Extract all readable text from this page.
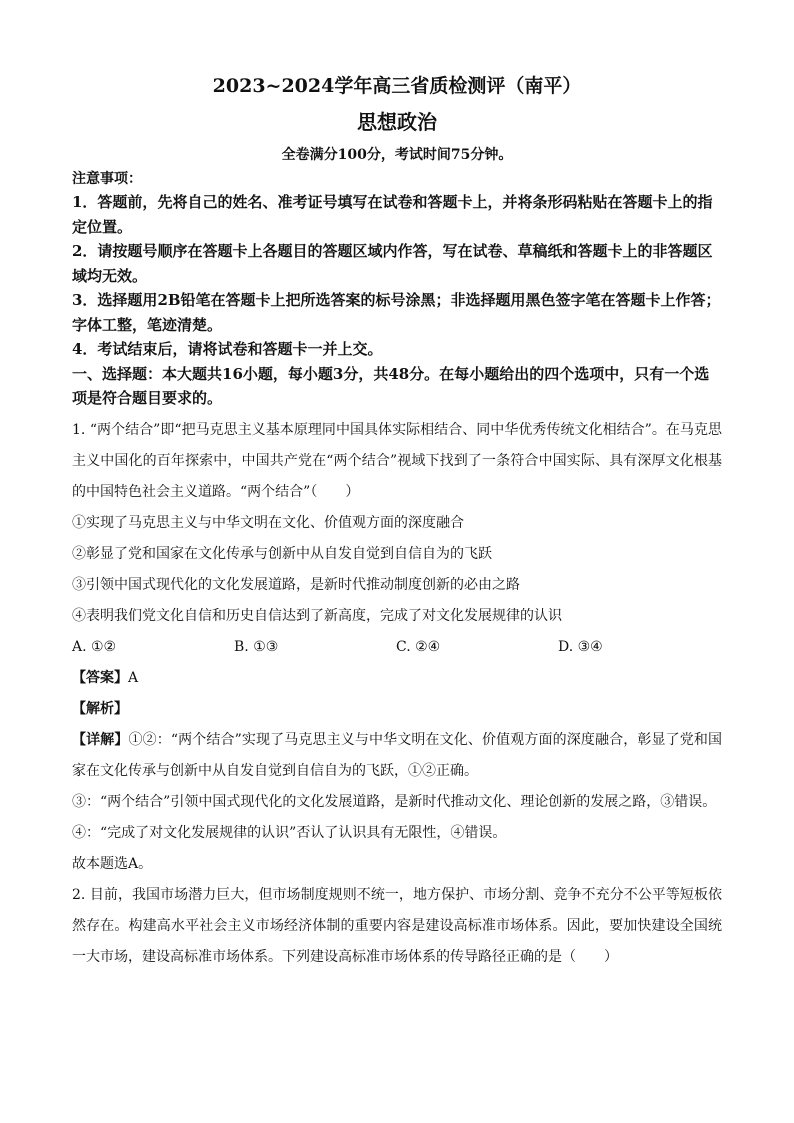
2023~2024学年高三省质检测评（南平）
思想政治

全卷满分100分，考试时间75分钟。

注意事项：

1．答题前，先将自己的姓名、准考证号填写在试卷和答题卡上，并将条形码粘贴在答题卡上的指定位置。

2．请按题号顺序在答题卡上各题目的答题区域内作答，写在试卷、草稿纸和答题卡上的非答题区域均无效。

3．选择题用2B铅笔在答题卡上把所选答案的标号涂黑；非选择题用黑色签字笔在答题卡上作答；字体工整，笔迹清楚。

4．考试结束后，请将试卷和答题卡一并上交。

一、选择题：本大题共16小题，每小题3分，共48分。在每小题给出的四个选项中，只有一个选项是符合题目要求的。

1. “两个结合”即“把马克思主义基本原理同中国具体实际相结合、同中华优秀传统文化相结合”。在马克思主义中国化的百年探索中，中国共产党在“两个结合”视域下找到了一条符合中国实际、具有深厚文化根基的中国特色社会主义道路。“两个结合”（　　）

①实现了马克思主义与中华文明在文化、价值观方面的深度融合

②彰显了党和国家在文化传承与创新中从自发自觉到自信自为的飞跃

③引领中国式现代化的文化发展道路，是新时代推动制度创新的必由之路

④表明我们党文化自信和历史自信达到了新高度，完成了对文化发展规律的认识

A. ①②	B. ①③	C. ②④	D. ③④

【答案】A

【解析】

【详解】①②：“两个结合”实现了马克思主义与中华文明在文化、价值观方面的深度融合，彰显了党和国家在文化传承与创新中从自发自觉到自信自为的飞跃，①②正确。

③：“两个结合”引领中国式现代化的文化发展道路，是新时代推动文化、理论创新的发展之路，③错误。

④：“完成了对文化发展规律的认识”否认了认识具有无限性，④错误。

故本题选A。

2. 目前，我国市场潜力巨大，但市场制度规则不统一，地方保护、市场分割、竞争不充分不公平等短板依然存在。构建高水平社会主义市场经济体制的重要内容是建设高标准市场体系。因此，要加快建设全国统一大市场，建设高标准市场体系。下列建设高标准市场体系的传导路径正确的是（　　）
